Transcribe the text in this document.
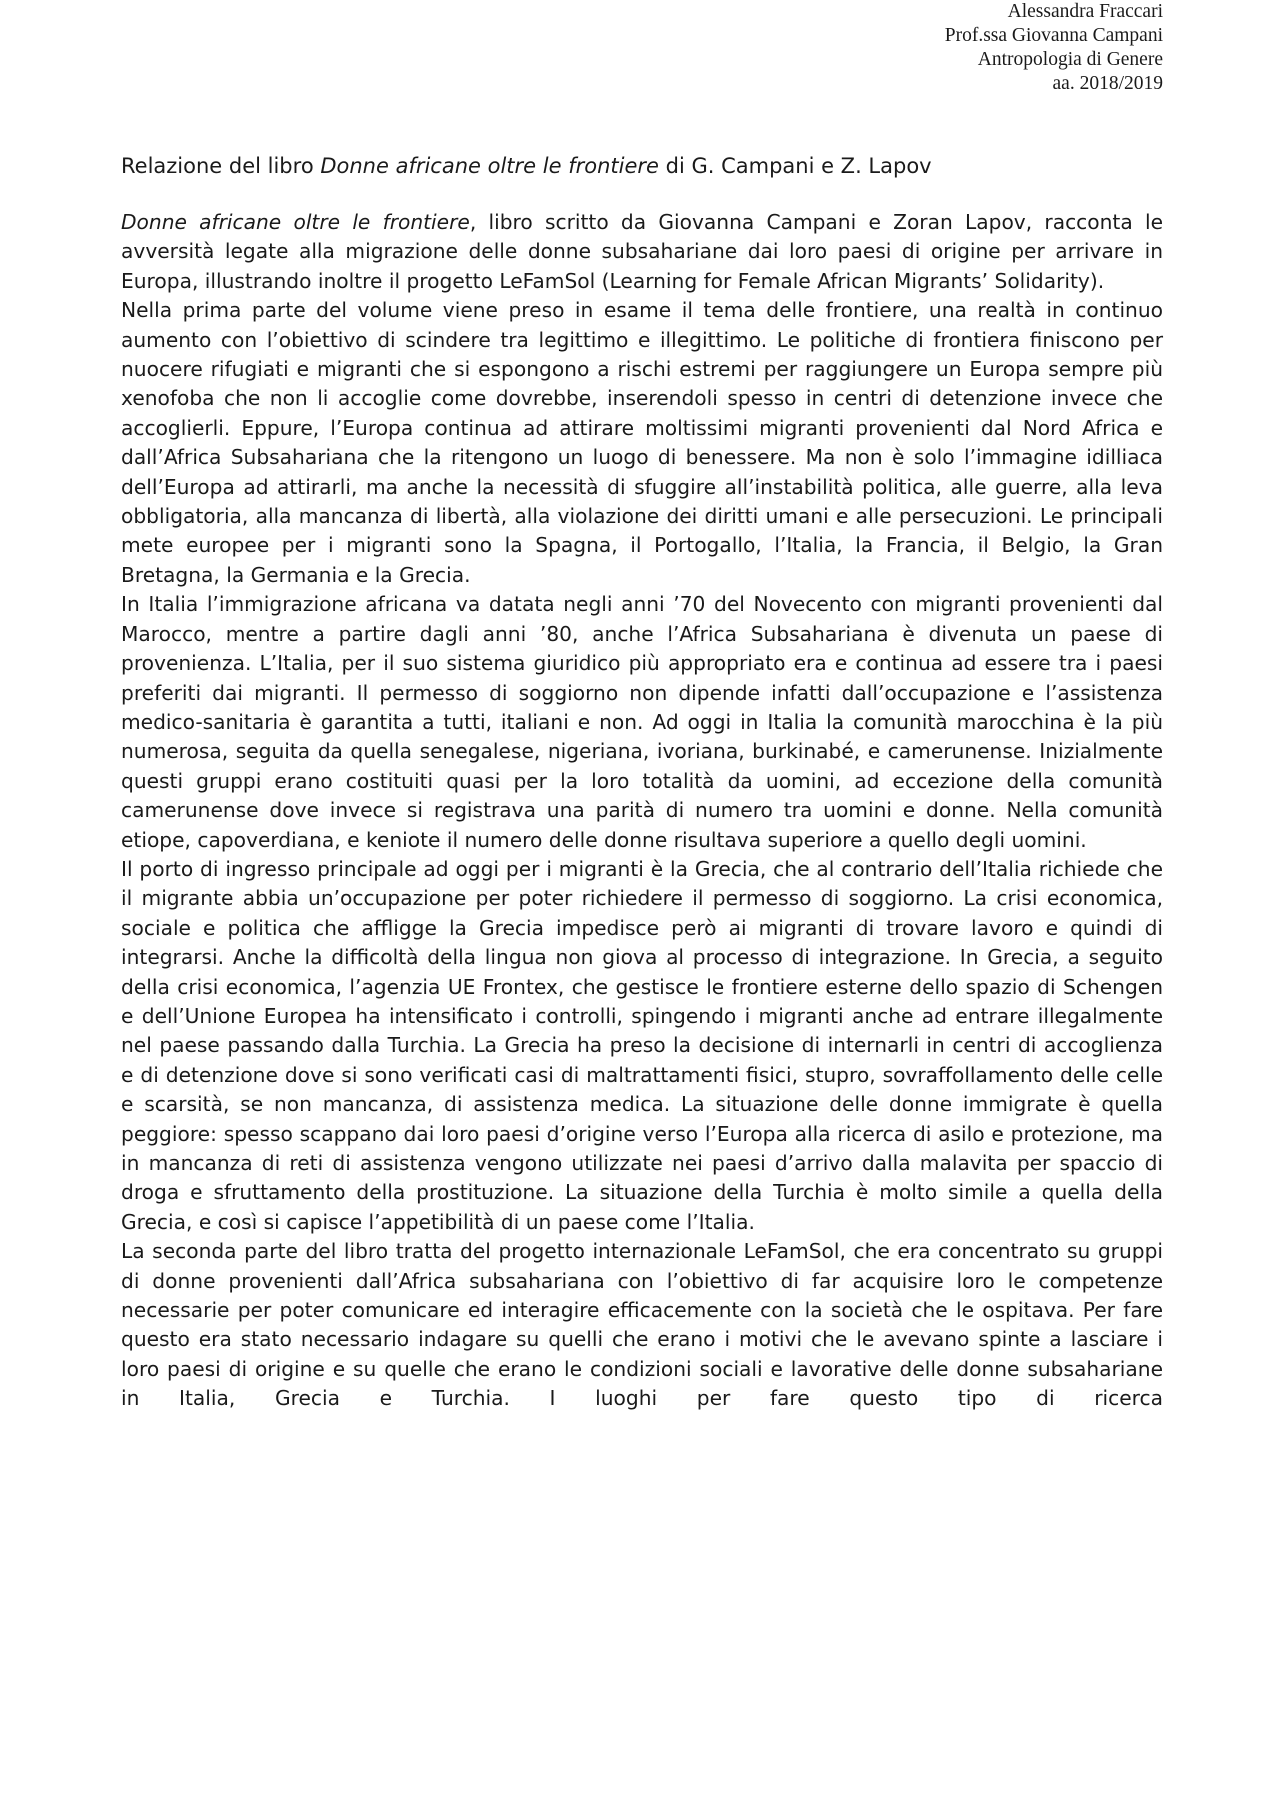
Alessandra Fraccari
Prof.ssa Giovanna Campani
Antropologia di Genere
aa. 2018/2019
Relazione del libro Donne africane oltre le frontiere di G. Campani e Z. Lapov

Donne africane oltre le frontiere, libro scritto da Giovanna Campani e Zoran Lapov, racconta le avversità legate alla migrazione delle donne subsahariane dai loro paesi di origine per arrivare in Europa, illustrando inoltre il progetto LeFamSol (Learning for Female African Migrants’ Solidarity).

Nella prima parte del volume viene preso in esame il tema delle frontiere, una realtà in continuo aumento con l’obiettivo di scindere tra legittimo e illegittimo. Le politiche di frontiera finiscono per nuocere rifugiati e migranti che si espongono a rischi estremi per raggiungere un Europa sempre più xenofoba che non li accoglie come dovrebbe, inserendoli spesso in centri di detenzione invece che accoglierli. Eppure, l’Europa continua ad attirare moltissimi migranti provenienti dal Nord Africa e dall’Africa Subsahariana che la ritengono un luogo di benessere. Ma non è solo l’immagine idilliaca dell’Europa ad attirarli, ma anche la necessità di sfuggire all’instabilità politica, alle guerre, alla leva obbligatoria, alla mancanza di libertà, alla violazione dei diritti umani e alle persecuzioni. Le principali mete europee per i migranti sono la Spagna, il Portogallo, l’Italia, la Francia, il Belgio, la Gran Bretagna, la Germania e la Grecia.

In Italia l’immigrazione africana va datata negli anni ’70 del Novecento con migranti provenienti dal Marocco, mentre a partire dagli anni ’80, anche l’Africa Subsahariana è divenuta un paese di provenienza. L’Italia, per il suo sistema giuridico più appropriato era e continua ad essere tra i paesi preferiti dai migranti. Il permesso di soggiorno non dipende infatti dall’occupazione e l’assistenza medico-sanitaria è garantita a tutti, italiani e non. Ad oggi in Italia la comunità marocchina è la più numerosa, seguita da quella senegalese, nigeriana, ivoriana, burkinabé, e camerunense. Inizialmente questi gruppi erano costituiti quasi per la loro totalità da uomini, ad eccezione della comunità camerunense dove invece si registrava una parità di numero tra uomini e donne. Nella comunità etiope, capoverdiana, e keniote il numero delle donne risultava superiore a quello degli uomini.

Il porto di ingresso principale ad oggi per i migranti è la Grecia, che al contrario dell’Italia richiede che il migrante abbia un’occupazione per poter richiedere il permesso di soggiorno. La crisi economica, sociale e politica che affligge la Grecia impedisce però ai migranti di trovare lavoro e quindi di integrarsi. Anche la difficoltà della lingua non giova al processo di integrazione. In Grecia, a seguito della crisi economica, l’agenzia UE Frontex, che gestisce le frontiere esterne dello spazio di Schengen e dell’Unione Europea ha intensificato i controlli, spingendo i migranti anche ad entrare illegalmente nel paese passando dalla Turchia. La Grecia ha preso la decisione di internarli in centri di accoglienza e di detenzione dove si sono verificati casi di maltrattamenti fisici, stupro, sovraffollamento delle celle e scarsità, se non mancanza, di assistenza medica. La situazione delle donne immigrate è quella peggiore: spesso scappano dai loro paesi d’origine verso l’Europa alla ricerca di asilo e protezione, ma in mancanza di reti di assistenza vengono utilizzate nei paesi d’arrivo dalla malavita per spaccio di droga e sfruttamento della prostituzione. La situazione della Turchia è molto simile a quella della Grecia, e così si capisce l’appetibilità di un paese come l’Italia.

La seconda parte del libro tratta del progetto internazionale LeFamSol, che era concentrato su gruppi di donne provenienti dall’Africa subsahariana con l’obiettivo di far acquisire loro le competenze necessarie per poter comunicare ed interagire efficacemente con la società che le ospitava. Per fare questo era stato necessario indagare su quelli che erano i motivi che le avevano spinte a lasciare i loro paesi di origine e su quelle che erano le condizioni sociali e lavorative delle donne subsahariane in Italia, Grecia e Turchia. I luoghi per fare questo tipo di ricerca
